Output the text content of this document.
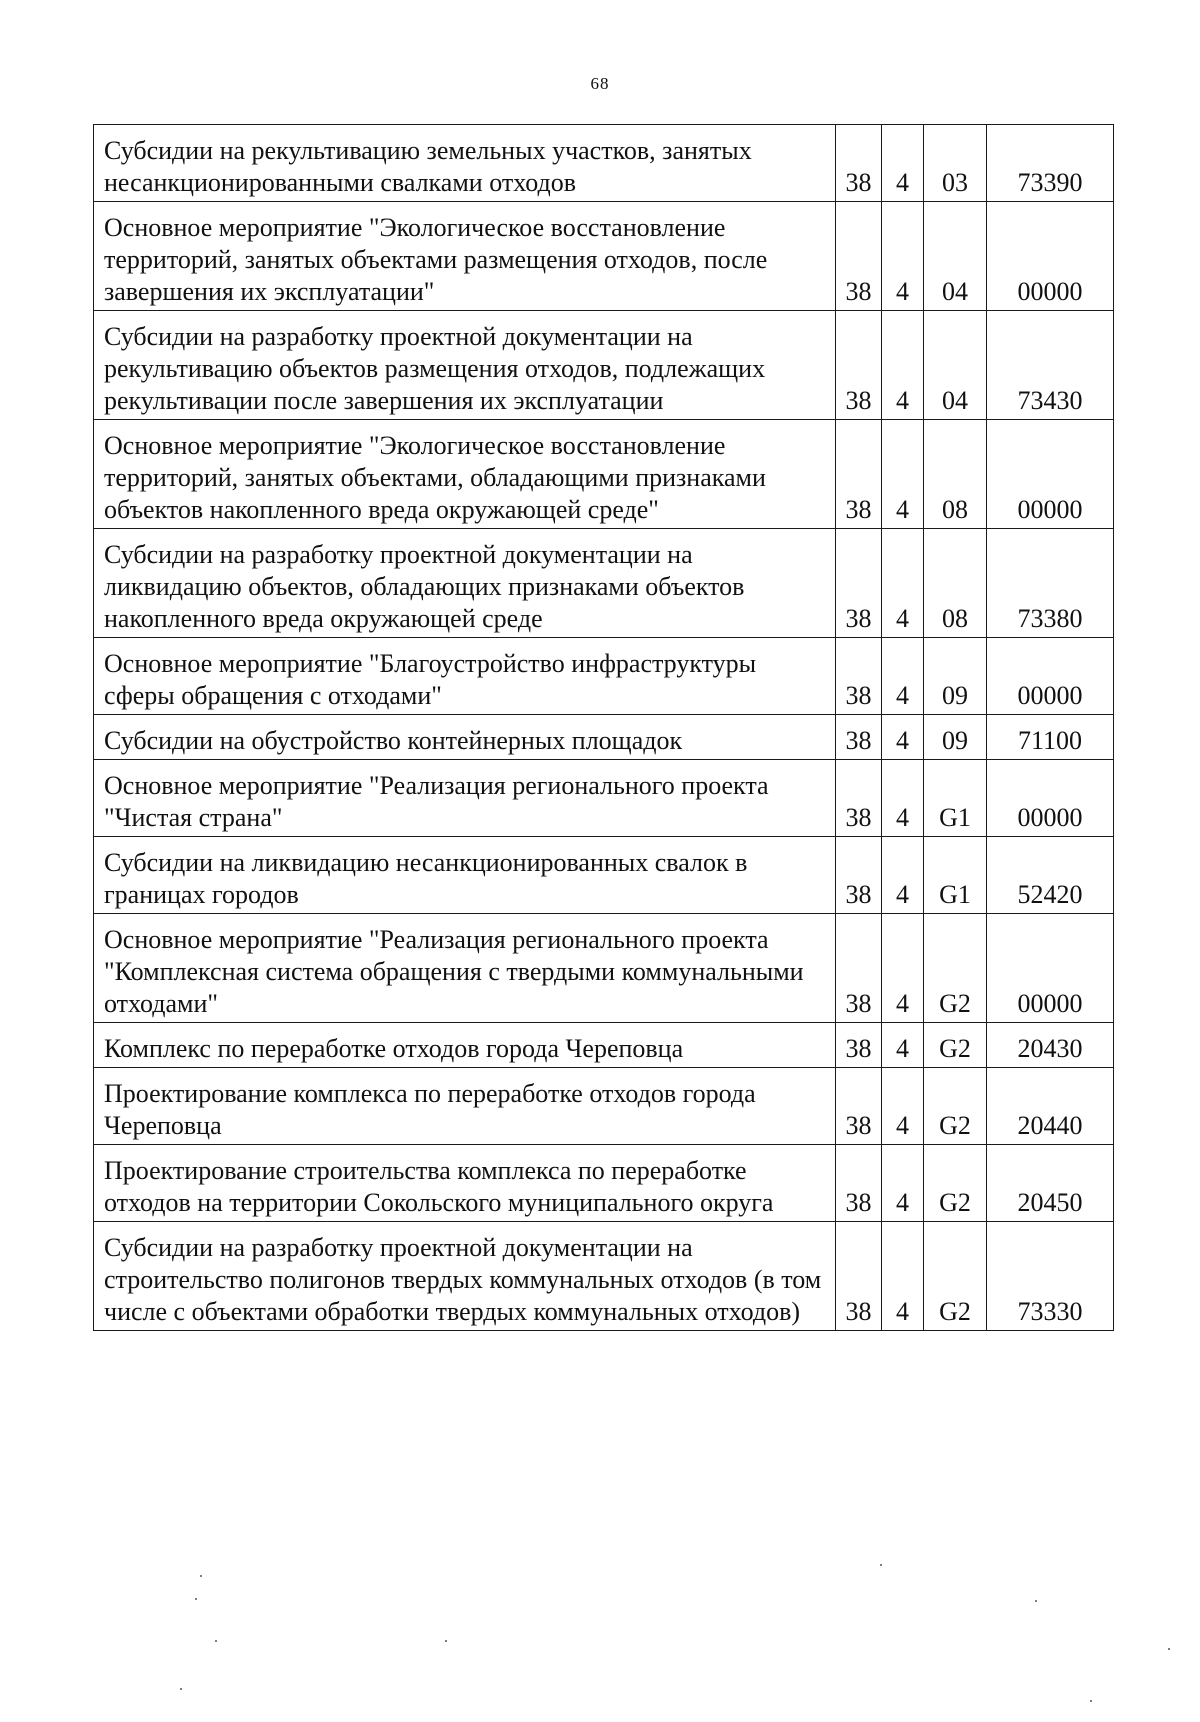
68
Субсидии на рекультивацию земельных участков, занятых несанкционированными свалками отходов	38	4	03	73390
Основное мероприятие "Экологическое восстановление территорий, занятых объектами размещения отходов, после завершения их эксплуатации"	38	4	04	00000
Субсидии на разработку проектной документации на рекультивацию объектов размещения отходов, подлежащих рекультивации после завершения их эксплуатации	38	4	04	73430
Основное мероприятие "Экологическое восстановление территорий, занятых объектами, обладающими признаками объектов накопленного вреда окружающей среде"	38	4	08	00000
Субсидии на разработку проектной документации на ликвидацию объектов, обладающих признаками объектов накопленного вреда окружающей среде	38	4	08	73380
Основное мероприятие "Благоустройство инфраструктуры сферы обращения с отходами"	38	4	09	00000
Субсидии на обустройство контейнерных площадок	38	4	09	71100
Основное мероприятие "Реализация регионального проекта "Чистая страна"	38	4	G1	00000
Субсидии на ликвидацию несанкционированных свалок в границах городов	38	4	G1	52420
Основное мероприятие "Реализация регионального проекта "Комплексная система обращения с твердыми коммунальными отходами"	38	4	G2	00000
Комплекс по переработке отходов города Череповца	38	4	G2	20430
Проектирование комплекса по переработке отходов города Череповца	38	4	G2	20440
Проектирование строительства комплекса по переработке отходов на территории Сокольского муниципального округа	38	4	G2	20450
Субсидии на разработку проектной документации на строительство полигонов твердых коммунальных отходов (в том числе с объектами обработки твердых коммунальных отходов)	38	4	G2	73330
